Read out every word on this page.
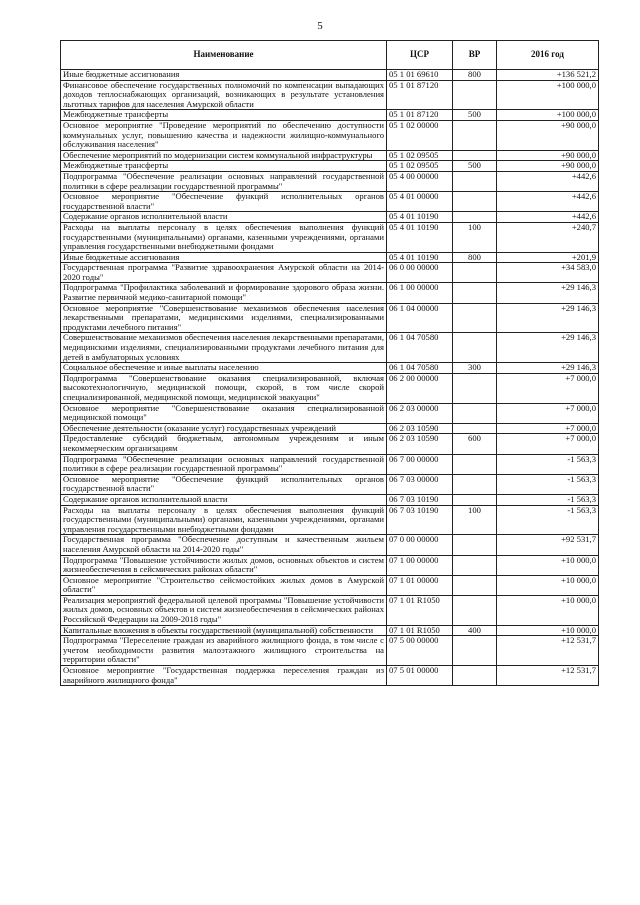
5
Наименование	ЦСР	ВР	2016 год
Иные бюджетные ассигнования	05 1 01 69610	800	+136 521,2
Финансовое обеспечение государственных полномочий по компенсации выпадающих доходов теплоснабжающих организаций, возникающих в результате установления льготных тарифов для населения Амурской области	05 1 01 87120		+100 000,0
Межбюджетные трансферты	05 1 01 87120	500	+100 000,0
Основное мероприятие "Проведение мероприятий по обеспечению доступности коммунальных услуг, повышению качества и надежности жилищно-коммунального обслуживания населения"	05 1 02 00000		+90 000,0
Обеспечение мероприятий по модернизации систем коммунальной инфраструктуры	05 1 02 09505		+90 000,0
Межбюджетные трансферты	05 1 02 09505	500	+90 000,0
Подпрограмма "Обеспечение реализации основных направлений государственной политики в сфере реализации государственной программы"	05 4 00 00000		+442,6
Основное мероприятие "Обеспечение функций исполнительных органов государственной власти"	05 4 01 00000		+442,6
Содержание органов исполнительной власти	05 4 01 10190		+442,6
Расходы на выплаты персоналу в целях обеспечения выполнения функций государственными (муниципальными) органами, казенными учреждениями, органами управления государственными внебюджетными фондами	05 4 01 10190	100	+240,7
Иные бюджетные ассигнования	05 4 01 10190	800	+201,9
Государственная программа "Развитие здравоохранения Амурской области на 2014-2020 годы"	06 0 00 00000		+34 583,0
Подпрограмма "Профилактика заболеваний и формирование здорового образа жизни. Развитие первичной медико-санитарной помощи"	06 1 00 00000		+29 146,3
Основное мероприятие "Совершенствование механизмов обеспечения населения лекарственными препаратами, медицинскими изделиями, специализированными продуктами лечебного питания"	06 1 04 00000		+29 146,3
Совершенствование механизмов обеспечения населения лекарственными препаратами, медицинскими изделиями, специализированными продуктами лечебного питания для детей в амбулаторных условиях	06 1 04 70580		+29 146,3
Социальное обеспечение и иные выплаты населению	06 1 04 70580	300	+29 146,3
Подпрограмма "Совершенствование оказания специализированной, включая высокотехнологичную, медицинской помощи, скорой, в том числе скорой специализированной, медицинской помощи, медицинской эвакуации"	06 2 00 00000		+7 000,0
Основное мероприятие "Совершенствование оказания специализированной медицинской помощи"	06 2 03 00000		+7 000,0
Обеспечение деятельности (оказание услуг) государственных учреждений	06 2 03 10590		+7 000,0
Предоставление субсидий бюджетным, автономным учреждениям и иным некоммерческим организациям	06 2 03 10590	600	+7 000,0
Подпрограмма "Обеспечение реализации основных направлений государственной политики в сфере реализации государственной программы"	06 7 00 00000		-1 563,3
Основное мероприятие "Обеспечение функций исполнительных органов государственной власти"	06 7 03 00000		-1 563,3
Содержание органов исполнительной власти	06 7 03 10190		-1 563,3
Расходы на выплаты персоналу в целях обеспечения выполнения функций государственными (муниципальными) органами, казенными учреждениями, органами управления государственными внебюджетными фондами	06 7 03 10190	100	-1 563,3
Государственная программа "Обеспечение доступным и качественным жильем населения Амурской области на 2014-2020 годы"	07 0 00 00000		+92 531,7
Подпрограмма "Повышение устойчивости жилых домов, основных объектов и систем жизнеобеспечения в сейсмических районах области"	07 1 00 00000		+10 000,0
Основное мероприятие "Строительство сейсмостойких жилых домов в Амурской области"	07 1 01 00000		+10 000,0
Реализация мероприятий федеральной целевой программы "Повышение устойчивости жилых домов, основных объектов и систем жизнеобеспечения в сейсмических районах Российской Федерации на 2009-2018 годы"	07 1 01 R1050		+10 000,0
Капитальные вложения в объекты государственной (муниципальной) собственности	07 1 01 R1050	400	+10 000,0
Подпрограмма "Переселение граждан из аварийного жилищного фонда, в том числе с учетом необходимости развития малоэтажного жилищного строительства на территории области"	07 5 00 00000		+12 531,7
Основное мероприятие "Государственная поддержка переселения граждан из аварийного жилищного фонда"	07 5 01 00000		+12 531,7
